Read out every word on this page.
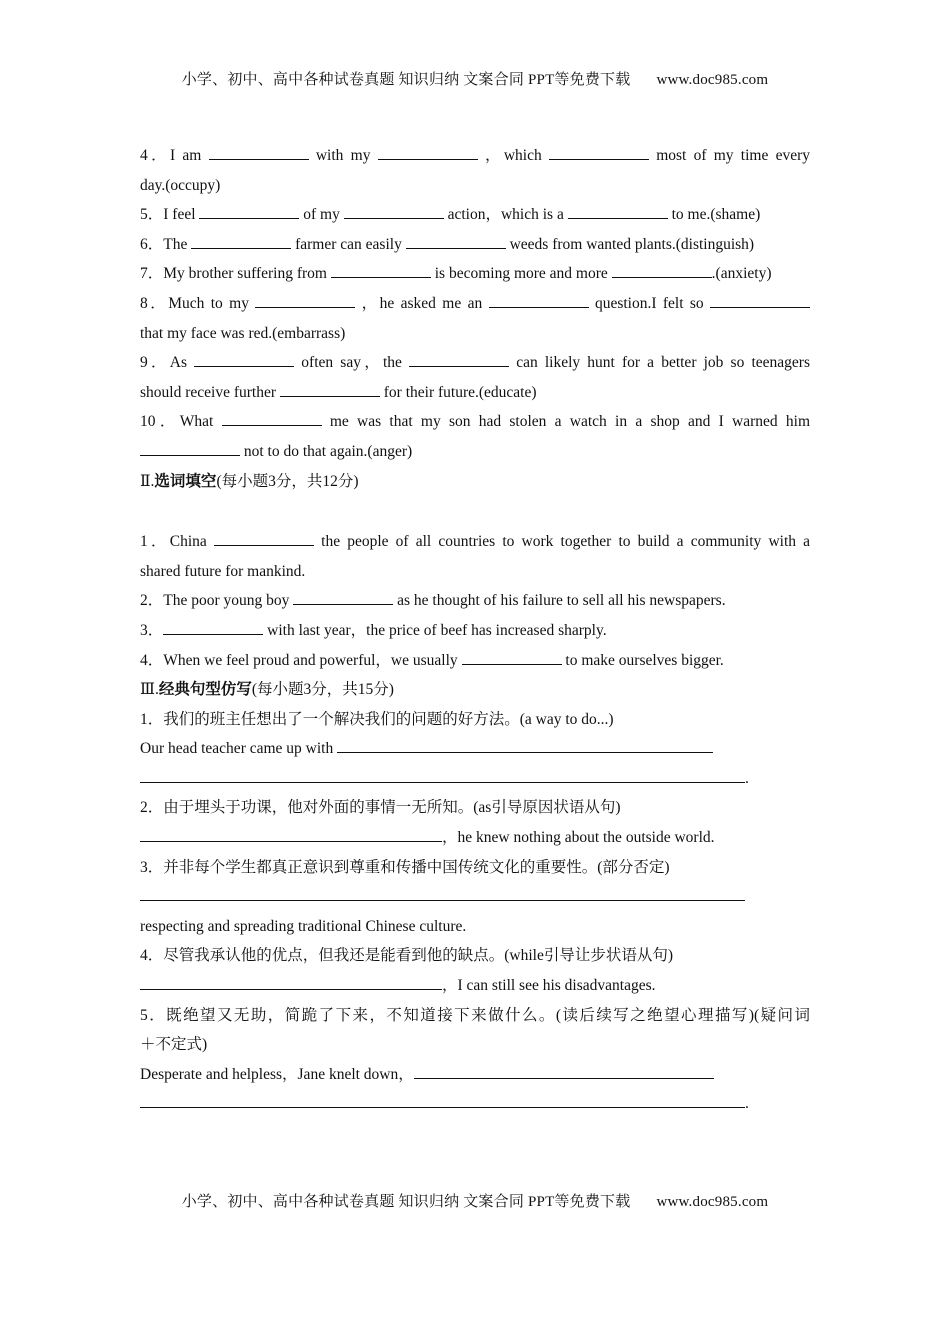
小学、初中、高中各种试卷真题 知识归纳 文案合同 PPT等免费下载 www.doc985.com
4．I am	with my	，which	most of my time every
day.(occupy)
5．I feel	of my	action，which is a	to me.(shame)
6．The	farmer can easily	weeds from wanted plants.(distinguish)
7．My brother suffering from	is becoming more and more	.(anxiety)
8．Much to my	，he asked me an	question.I felt so
that my face was red.(embarrass)
9．As	often say，the	can likely hunt for a better job so teenagers
should receive further	for their future.(educate)
10．What	me was that my son had stolen a watch in a shop and I warned him
not to do that again.(anger)
Ⅱ.选词填空(每小题3分，共12分)
1．China	the people of all countries to work together to build a community with a
shared future for mankind.
2．The poor young boy	as he thought of his failure to sell all his newspapers.
3．	with last year，the price of beef has increased sharply.
4．When we feel proud and powerful，we usually	to make ourselves bigger.
Ⅲ.经典句型仿写(每小题3分，共15分)
1．我们的班主任想出了一个解决我们的问题的好方法。(a way to do...)
Our head teacher came up with
.
2．由于埋头于功课，他对外面的事情一无所知。(as引导原因状语从句)
，he knew nothing about the outside world.
3．并非每个学生都真正意识到尊重和传播中国传统文化的重要性。(部分否定)
respecting and spreading traditional Chinese culture.
4．尽管我承认他的优点，但我还是能看到他的缺点。(while引导让步状语从句)
，I can still see his disadvantages.
5．既绝望又无助，简跪了下来，不知道接下来做什么。(读后续写之绝望心理描写)(疑问词
＋不定式)
Desperate and helpless，Jane knelt down，
.
小学、初中、高中各种试卷真题 知识归纳 文案合同 PPT等免费下载 www.doc985.com
